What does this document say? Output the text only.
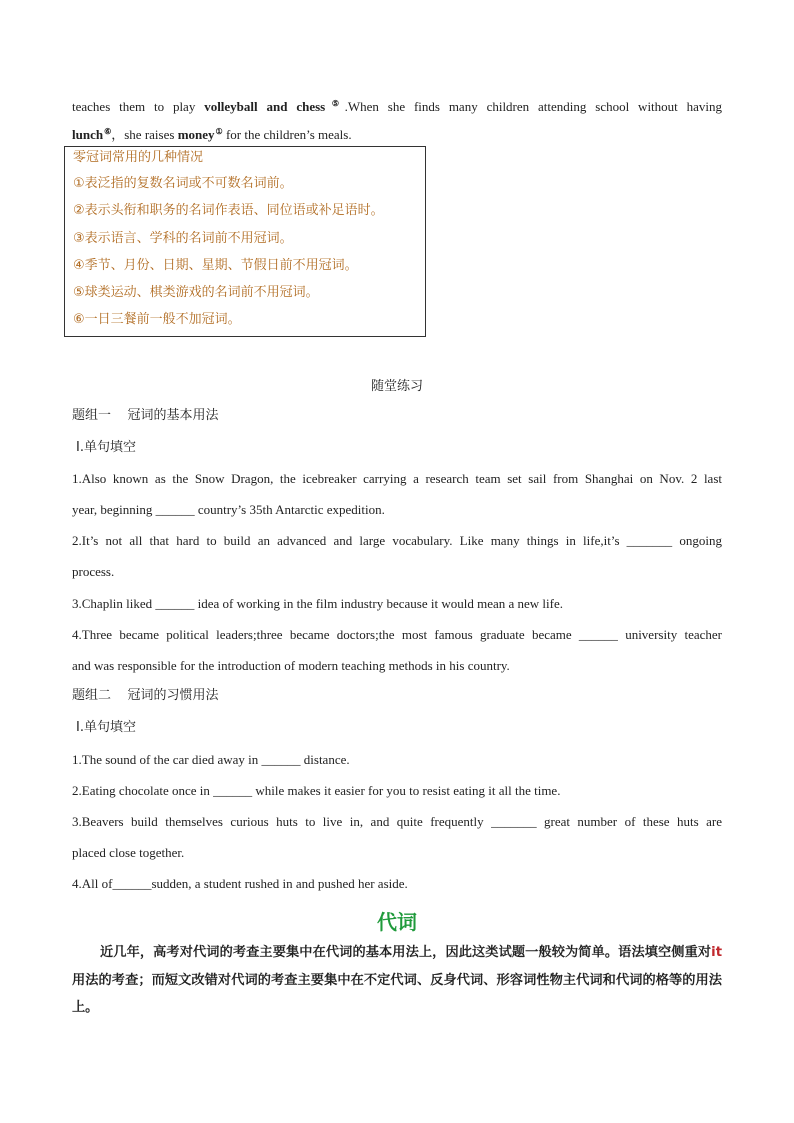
teaches them to play volleyball and chess⑤.When she finds many children attending school without having
lunch⑥，she raises money① for the children’s meals.
零冠词常用的几种情况
①表泛指的复数名词或不可数名词前。
②表示头衔和职务的名词作表语、同位语或补足语时。
③表示语言、学科的名词前不用冠词。
④季节、月份、日期、星期、节假日前不用冠词。
⑤球类运动、棋类游戏的名词前不用冠词。
⑥一日三餐前一般不加冠词。
随堂练习
题组一    冠词的基本用法
Ⅰ.单句填空
1.Also known as the Snow Dragon, the icebreaker carrying a research team set sail from Shanghai on Nov. 2 last
year, beginning ______ country’s 35th Antarctic expedition.
2.It’s not all that hard to build an advanced and large vocabulary. Like many things in life,it’s _______ ongoing
process.
3.Chaplin liked ______ idea of working in the film industry because it would mean a new life.
4.Three became political leaders;three became doctors;the most famous graduate became ______ university teacher
and was responsible for the introduction of modern teaching methods in his country.
题组二    冠词的习惯用法
Ⅰ.单句填空
1.The sound of the car died away in ______ distance.
2.Eating chocolate once in ______ while makes it easier for you to resist eating it all the time.
3.Beavers build themselves curious huts to live in, and quite frequently _______ great number of these huts are
placed close together.
4.All of______sudden, a student rushed in and pushed her aside.
代词
近几年，高考对代词的考查主要集中在代词的基本用法上，因此这类试题一般较为简单。语法填空侧重对it用法的考查；而短文改错对代词的考查主要集中在不定代词、反身代词、形容词性物主代词和代词的格等的用法上。
